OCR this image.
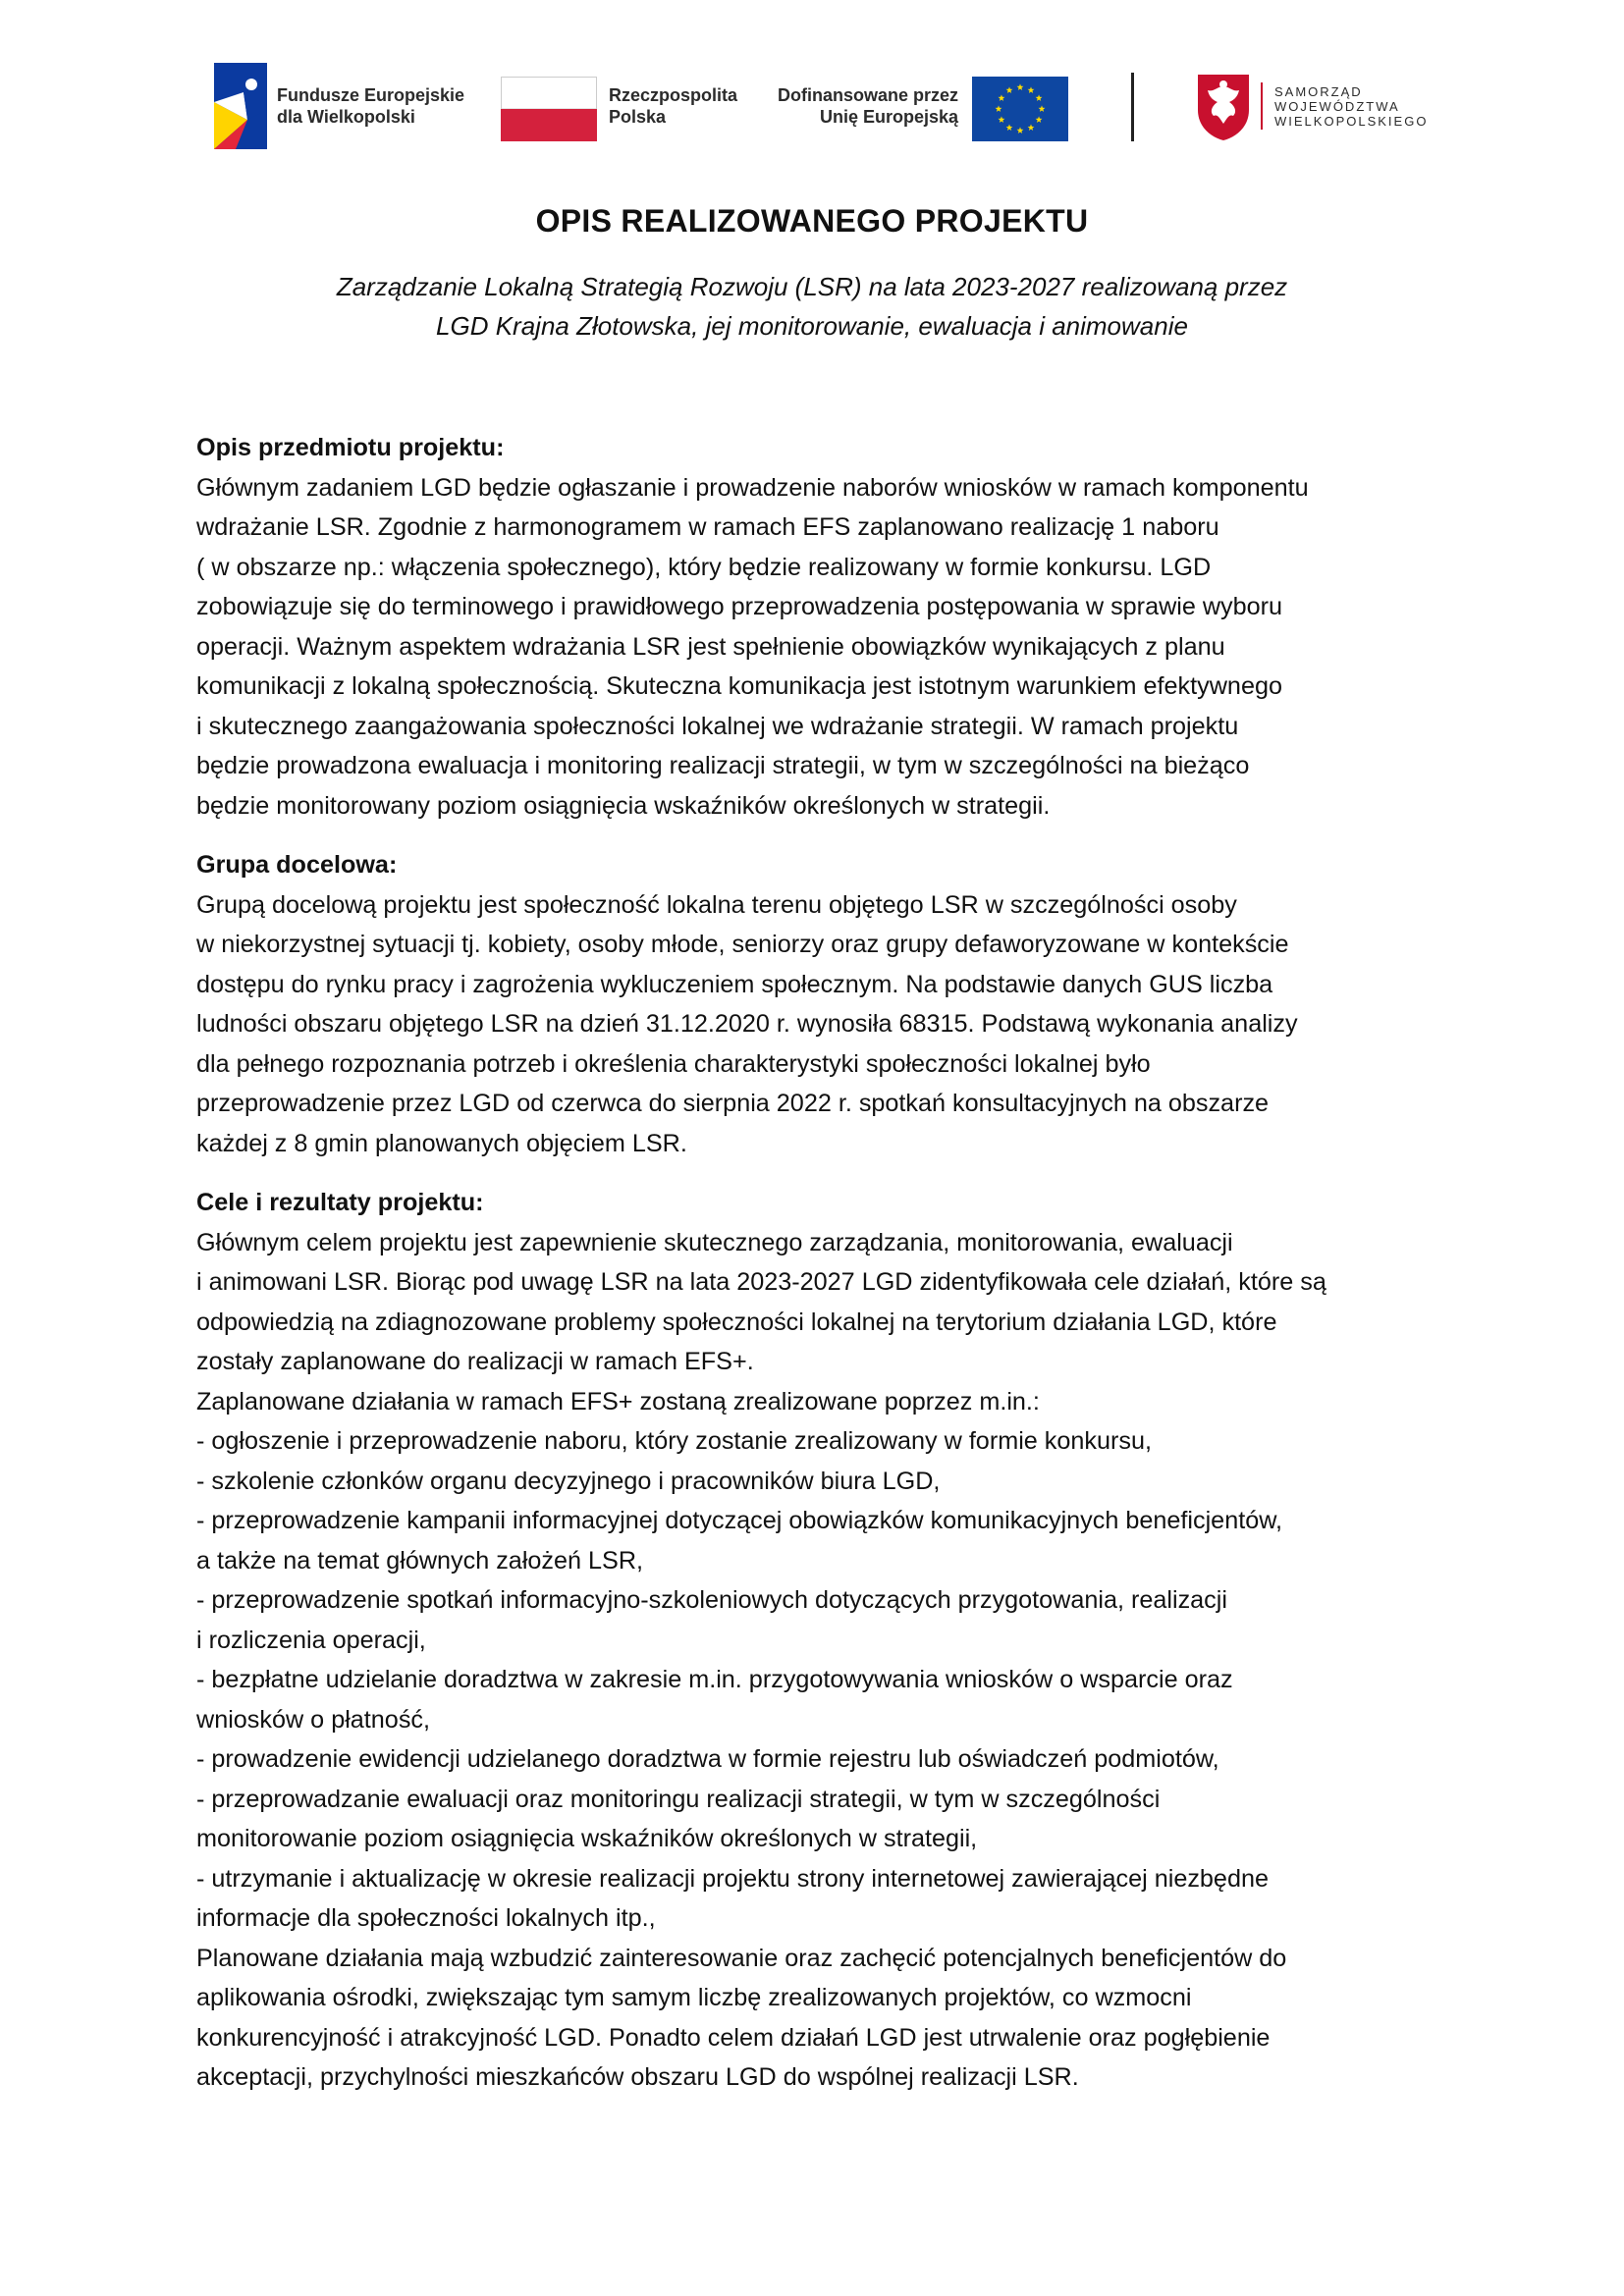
Fundusze Europejskie
dla Wielkopolski
Rzeczpospolita
Polska
Dofinansowane przez
Unię Europejską
SAMORZĄD
WOJEWÓDZTWA
WIELKOPOLSKIEGO
OPIS REALIZOWANEGO PROJEKTU
Zarządzanie Lokalną Strategią Rozwoju (LSR) na lata 2023-2027 realizowaną przez
LGD Krajna Złotowska, jej monitorowanie, ewaluacja i animowanie
Opis przedmiotu projektu:
Głównym zadaniem LGD będzie ogłaszanie i prowadzenie naborów wniosków w ramach komponentu
wdrażanie LSR. Zgodnie z harmonogramem w ramach EFS zaplanowano realizację 1 naboru
( w obszarze np.: włączenia społecznego), który będzie realizowany w formie konkursu. LGD
zobowiązuje się do terminowego i prawidłowego przeprowadzenia postępowania w sprawie wyboru
operacji. Ważnym aspektem wdrażania LSR jest spełnienie obowiązków wynikających z planu
komunikacji z lokalną społecznością. Skuteczna komunikacja jest istotnym warunkiem efektywnego
i skutecznego zaangażowania społeczności lokalnej we wdrażanie strategii. W ramach projektu
będzie prowadzona ewaluacja i monitoring realizacji strategii, w tym w szczególności na bieżąco
będzie monitorowany poziom osiągnięcia wskaźników określonych w strategii.
Grupa docelowa:
Grupą docelową projektu jest społeczność lokalna terenu objętego LSR w szczególności osoby
w niekorzystnej sytuacji tj. kobiety, osoby młode, seniorzy oraz grupy defaworyzowane w kontekście
dostępu do rynku pracy i zagrożenia wykluczeniem społecznym. Na podstawie danych GUS liczba
ludności obszaru objętego LSR na dzień 31.12.2020 r. wynosiła 68315. Podstawą wykonania analizy
dla pełnego rozpoznania potrzeb i określenia charakterystyki społeczności lokalnej było
przeprowadzenie przez LGD od czerwca do sierpnia 2022 r. spotkań konsultacyjnych na obszarze
każdej z 8 gmin planowanych objęciem LSR.
Cele i rezultaty projektu:
Głównym celem projektu jest zapewnienie skutecznego zarządzania, monitorowania, ewaluacji
i animowani LSR. Biorąc pod uwagę LSR na lata 2023-2027 LGD zidentyfikowała cele działań, które są
odpowiedzią na zdiagnozowane problemy społeczności lokalnej na terytorium działania LGD, które
zostały zaplanowane do realizacji w ramach EFS+.
Zaplanowane działania w ramach EFS+ zostaną zrealizowane poprzez m.in.:
- ogłoszenie i przeprowadzenie naboru, który zostanie zrealizowany w formie konkursu,
- szkolenie członków organu decyzyjnego i pracowników biura LGD,
- przeprowadzenie kampanii informacyjnej dotyczącej obowiązków komunikacyjnych beneficjentów,
a także na temat głównych założeń LSR,
- przeprowadzenie spotkań informacyjno-szkoleniowych dotyczących przygotowania, realizacji
i rozliczenia operacji,
- bezpłatne udzielanie doradztwa w zakresie m.in. przygotowywania wniosków o wsparcie oraz
wniosków o płatność,
- prowadzenie ewidencji udzielanego doradztwa w formie rejestru lub oświadczeń podmiotów,
- przeprowadzanie ewaluacji oraz monitoringu realizacji strategii, w tym w szczególności
monitorowanie poziom osiągnięcia wskaźników określonych w strategii,
- utrzymanie i aktualizację w okresie realizacji projektu strony internetowej zawierającej niezbędne
informacje dla społeczności lokalnych itp.,
Planowane działania mają wzbudzić zainteresowanie oraz zachęcić potencjalnych beneficjentów do
aplikowania ośrodki, zwiększając tym samym liczbę zrealizowanych projektów, co wzmocni
konkurencyjność i atrakcyjność LGD. Ponadto celem działań LGD jest utrwalenie oraz pogłębienie
akceptacji, przychylności mieszkańców obszaru LGD do wspólnej realizacji LSR.
